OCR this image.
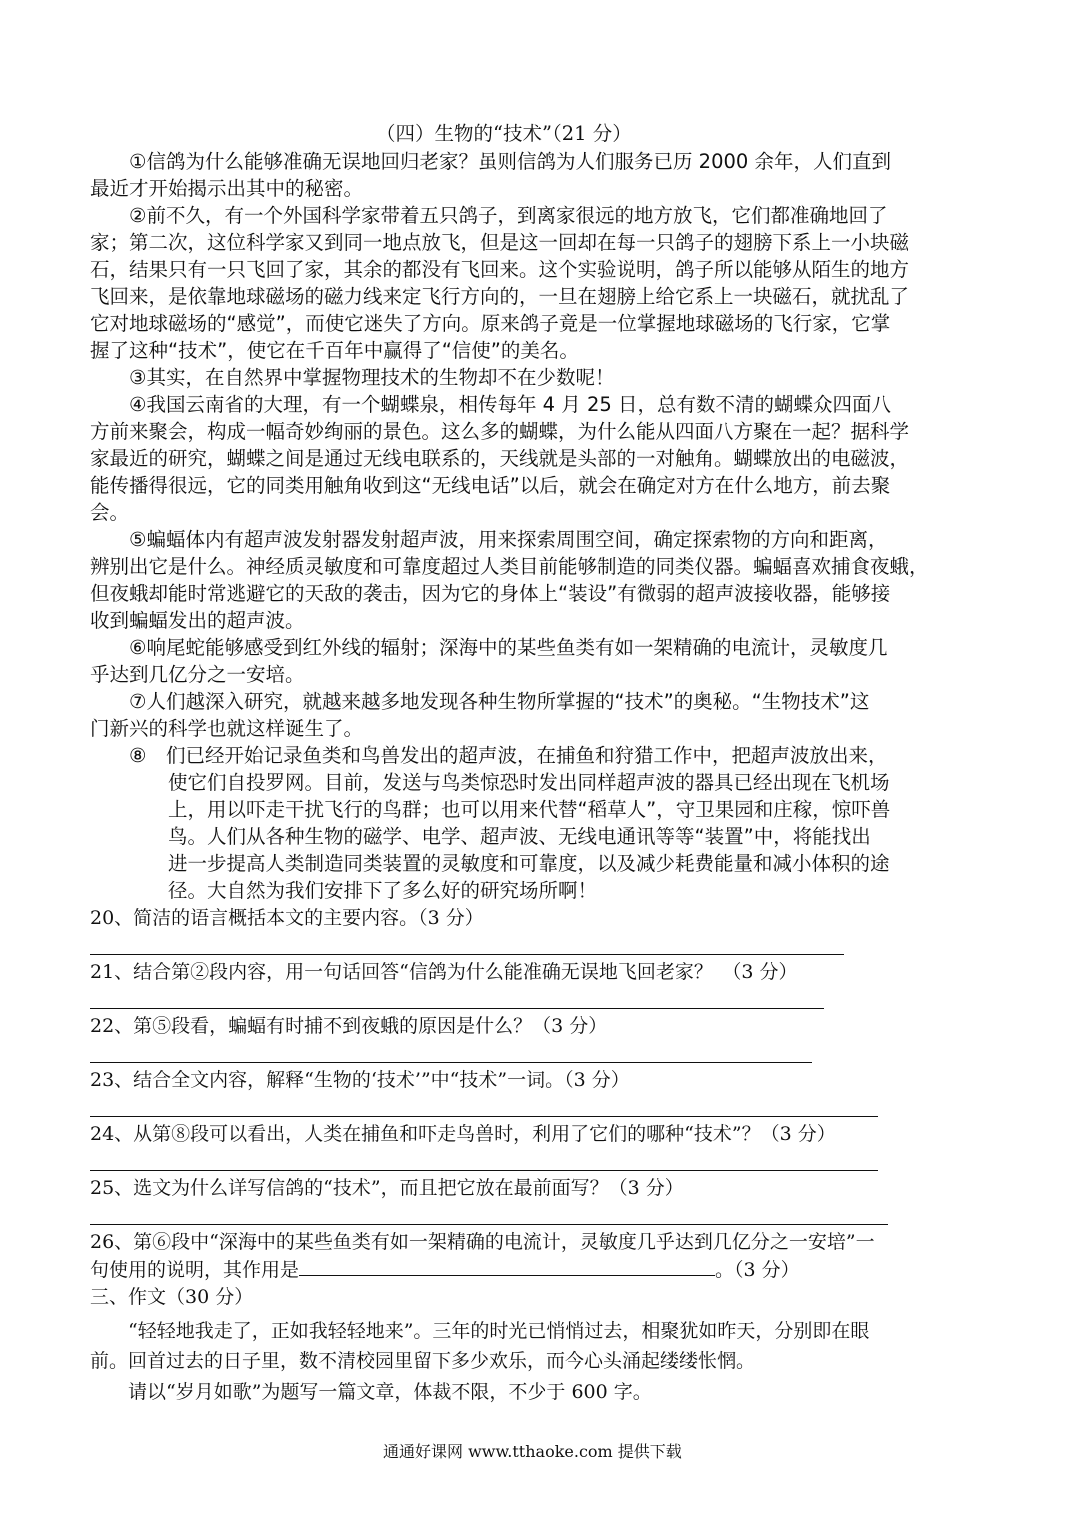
（四）生物的“技术”（21 分）
　　①信鸽为什么能够准确无误地回归老家？虽则信鸽为人们服务已历 2000 余年，人们直到
最近才开始揭示出其中的秘密。
　　②前不久，有一个外国科学家带着五只鸽子，到离家很远的地方放飞，它们都准确地回了
家；第二次，这位科学家又到同一地点放飞，但是这一回却在每一只鸽子的翅膀下系上一小块磁
石，结果只有一只飞回了家，其余的都没有飞回来。这个实验说明，鸽子所以能够从陌生的地方
飞回来，是依靠地球磁场的磁力线来定飞行方向的，一旦在翅膀上给它系上一块磁石，就扰乱了
它对地球磁场的“感觉”，而使它迷失了方向。原来鸽子竟是一位掌握地球磁场的飞行家，它掌
握了这种“技术”，使它在千百年中赢得了“信使”的美名。
　　③其实，在自然界中掌握物理技术的生物却不在少数呢！
　　④我国云南省的大理，有一个蝴蝶泉，相传每年 4 月 25 日，总有数不清的蝴蝶众四面八
方前来聚会，构成一幅奇妙绚丽的景色。这么多的蝴蝶，为什么能从四面八方聚在一起？据科学
家最近的研究，蝴蝶之间是通过无线电联系的，天线就是头部的一对触角。蝴蝶放出的电磁波，
能传播得很远，它的同类用触角收到这“无线电话”以后，就会在确定对方在什么地方，前去聚
会。
　　⑤蝙蝠体内有超声波发射器发射超声波，用来探索周围空间，确定探索物的方向和距离，
辨别出它是什么。神经质灵敏度和可靠度超过人类目前能够制造的同类仪器。蝙蝠喜欢捕食夜蛾，
但夜蛾却能时常逃避它的天敌的袭击，因为它的身体上“装设”有微弱的超声波接收器，能够接
收到蝙蝠发出的超声波。
　　⑥响尾蛇能够感受到红外线的辐射；深海中的某些鱼类有如一架精确的电流计，灵敏度几
乎达到几亿分之一安培。
　　⑦人们越深入研究，就越来越多地发现各种生物所掌握的“技术”的奥秘。“生物技术”这
门新兴的科学也就这样诞生了。
　　⑧　们已经开始记录鱼类和鸟兽发出的超声波，在捕鱼和狩猎工作中，把超声波放出来，
　　　　使它们自投罗网。目前，发送与鸟类惊恐时发出同样超声波的器具已经出现在飞机场
　　　　上，用以吓走干扰飞行的鸟群；也可以用来代替“稻草人”，守卫果园和庄稼，惊吓兽
　　　　鸟。人们从各种生物的磁学、电学、超声波、无线电通讯等等“装置”中，将能找出
　　　　进一步提高人类制造同类装置的灵敏度和可靠度，以及减少耗费能量和减小体积的途
　　　　径。大自然为我们安排下了多么好的研究场所啊！
20、简洁的语言概括本文的主要内容。（3 分）
21、结合第②段内容，用一句话回答“信鸽为什么能准确无误地飞回老家？　（3 分）
22、第⑤段看，蝙蝠有时捕不到夜蛾的原因是什么？（3 分）
23、结合全文内容，解释“生物的‘技术’”中“技术”一词。（3 分）
24、从第⑧段可以看出，人类在捕鱼和吓走鸟兽时，利用了它们的哪种“技术”？（3 分）
25、选文为什么详写信鸽的“技术”，而且把它放在最前面写？（3 分）
26、第⑥段中“深海中的某些鱼类有如一架精确的电流计，灵敏度几乎达到几亿分之一安培”一
句使用的说明，其作用是	。（3 分）
三、作文（30 分）
　　“轻轻地我走了，正如我轻轻地来”。三年的时光已悄悄过去，相聚犹如昨天，分别即在眼
前。回首过去的日子里，数不清校园里留下多少欢乐，而今心头涌起缕缕怅惘。
　　请以“岁月如歌”为题写一篇文章，体裁不限，不少于 600 字。
通通好课网 www.tthaoke.com 提供下载
